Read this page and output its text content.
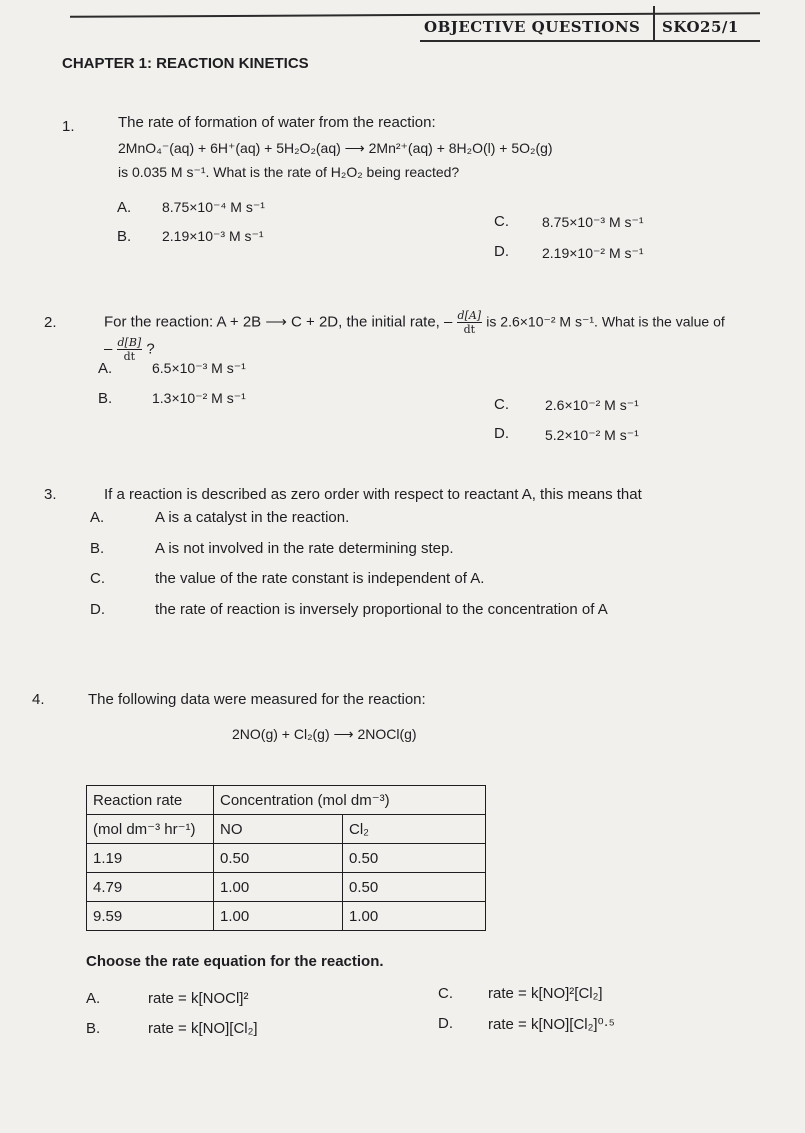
OBJECTIVE QUESTIONS SKO25/1
CHAPTER 1: REACTION KINETICS
1.	The rate of formation of water from the reaction:
2MnO₄⁻(aq) + 6H⁺(aq) + 5H₂O₂(aq) ⟶ 2Mn²⁺(aq) + 8H₂O(l) + 5O₂(g)
is 0.035 M s⁻¹. What is the rate of H₂O₂ being reacted?
A. 8.75×10⁻⁴ M s⁻¹
B. 2.19×10⁻³ M s⁻¹
C. 8.75×10⁻³ M s⁻¹
D. 2.19×10⁻² M s⁻¹
2.	For the reaction: A + 2B ⟶ C + 2D, the initial rate, – $\frac{d[A]}{dt}$ is 2.6×10⁻² M s⁻¹. What is the value of
– $\frac{d[B]}{dt}$ ?
A.	6.5×10⁻³ M s⁻¹
B.	1.3×10⁻² M s⁻¹	C.	2.6×10⁻² M s⁻¹
D.	5.2×10⁻² M s⁻¹
3.	If a reaction is described as zero order with respect to reactant A, this means that
A.	A is a catalyst in the reaction.
B.	A is not involved in the rate determining step.
C.	the value of the rate constant is independent of A.
D.	the rate of reaction is inversely proportional to the concentration of A
4.	The following data were measured for the reaction:
2NO(g) + Cl₂(g) ⟶ 2NOCl(g)
Reaction rate	Concentration (mol dm⁻³)	
(mol dm⁻³ hr⁻¹)	NO	Cl₂
1.19	0.50	0.50
4.79	1.00	0.50
9.59	1.00	1.00
Choose the rate equation for the reaction.
A.	rate = k[NOCl]²
B.	rate = k[NO][Cl₂]
C. rate = k[NO]²[Cl₂]
D. rate = k[NO][Cl₂]⁰·⁵
